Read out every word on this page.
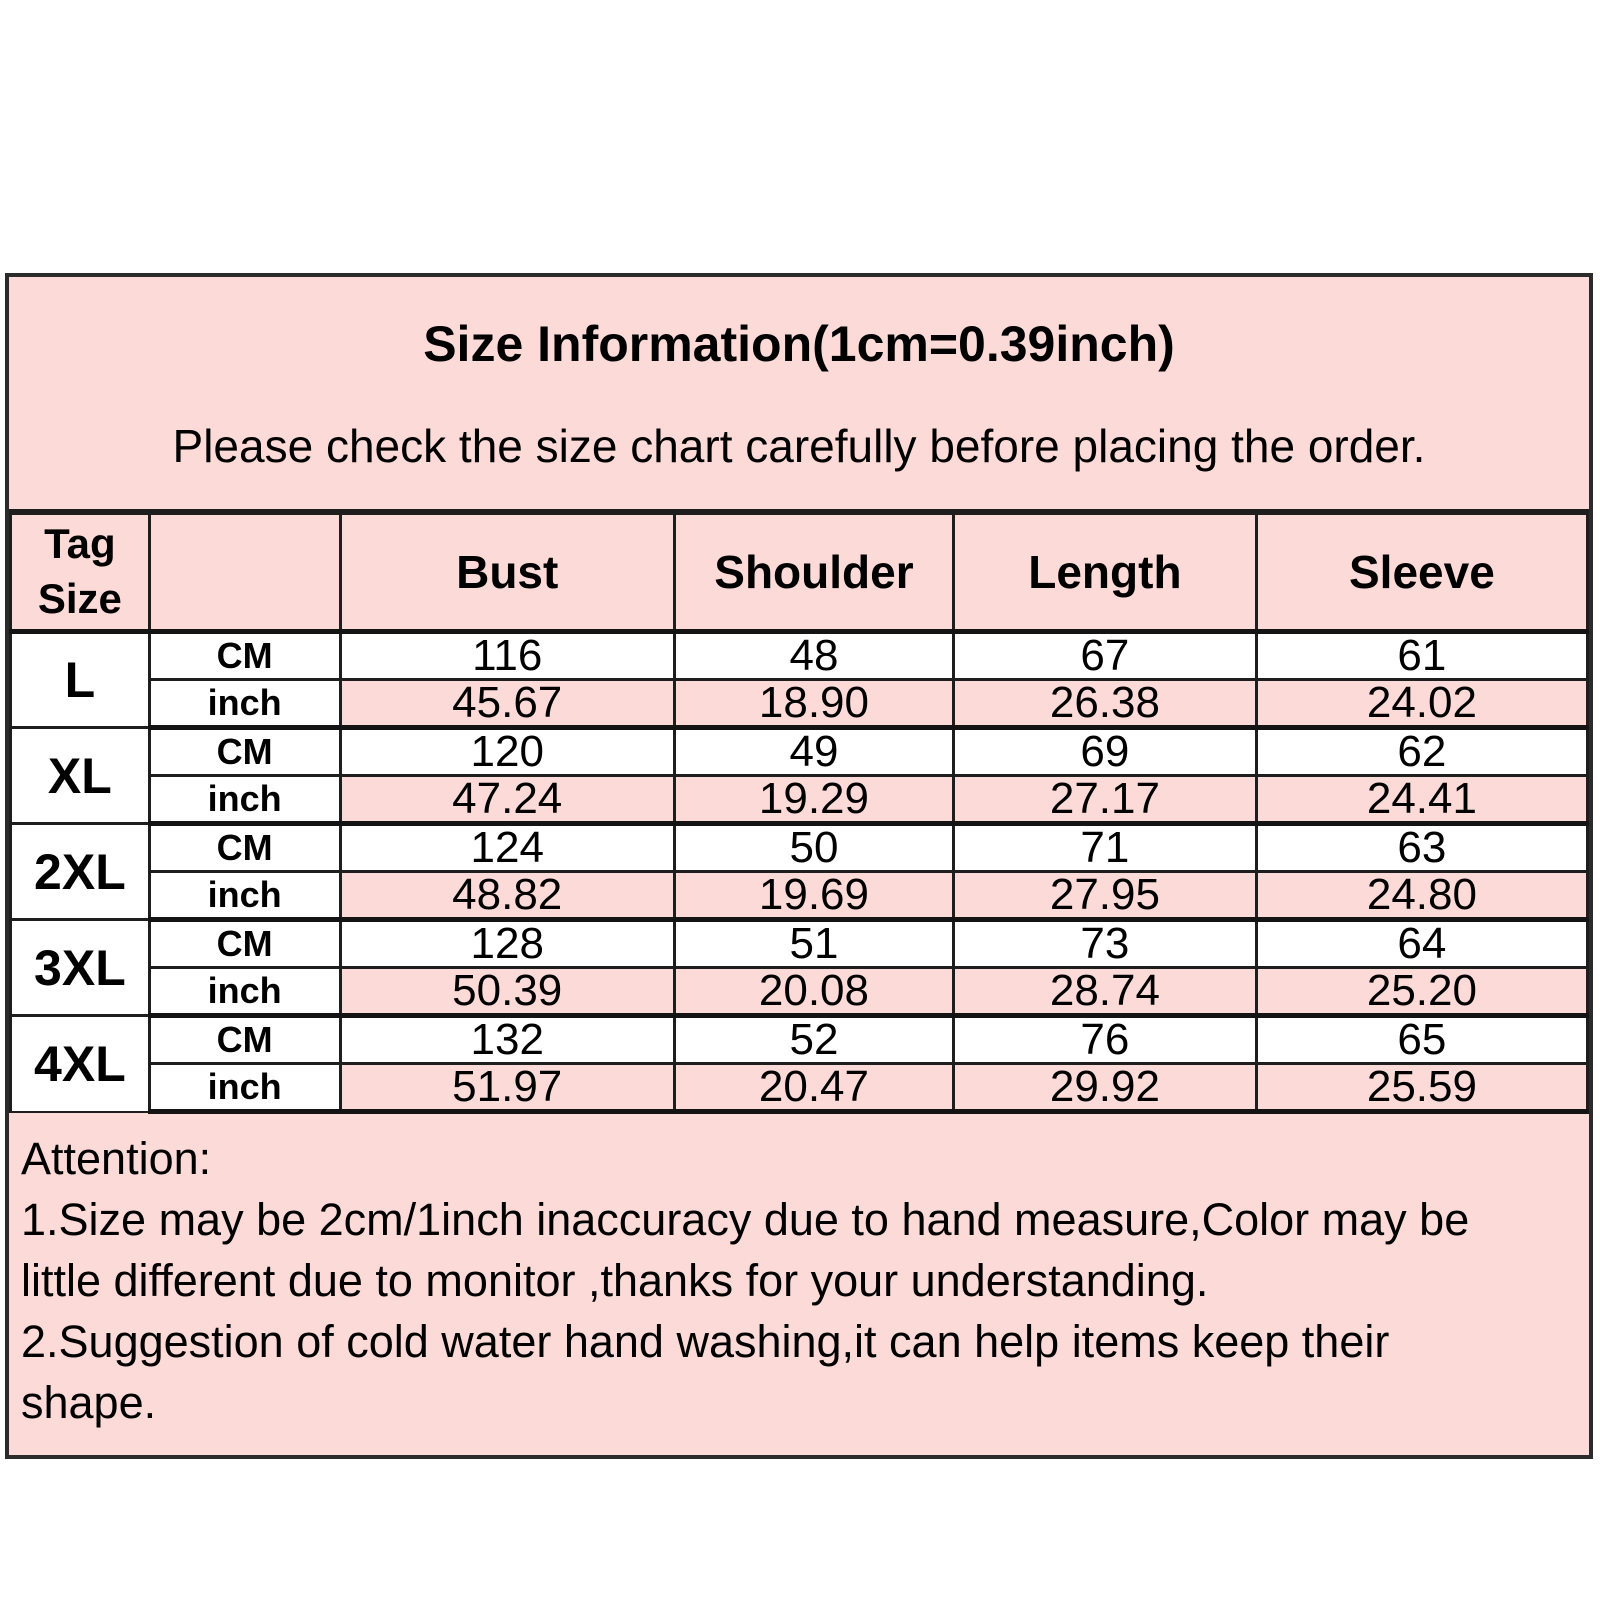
Size Information(1cm=0.39inch)
Please check the size chart carefully before placing the order.
Tag Size		Bust	Shoulder	Length	Sleeve
L	CM	116	48	67	61
	inch	45.67	18.90	26.38	24.02
XL	CM	120	49	69	62
	inch	47.24	19.29	27.17	24.41
2XL	CM	124	50	71	63
	inch	48.82	19.69	27.95	24.80
3XL	CM	128	51	73	64
	inch	50.39	20.08	28.74	25.20
4XL	CM	132	52	76	65
	inch	51.97	20.47	29.92	25.59
Attention:
1.Size may be 2cm/1inch inaccuracy due to hand measure,Color may be little different due to monitor ,thanks for your understanding.
2.Suggestion of cold water hand washing,it can help items keep their shape.
